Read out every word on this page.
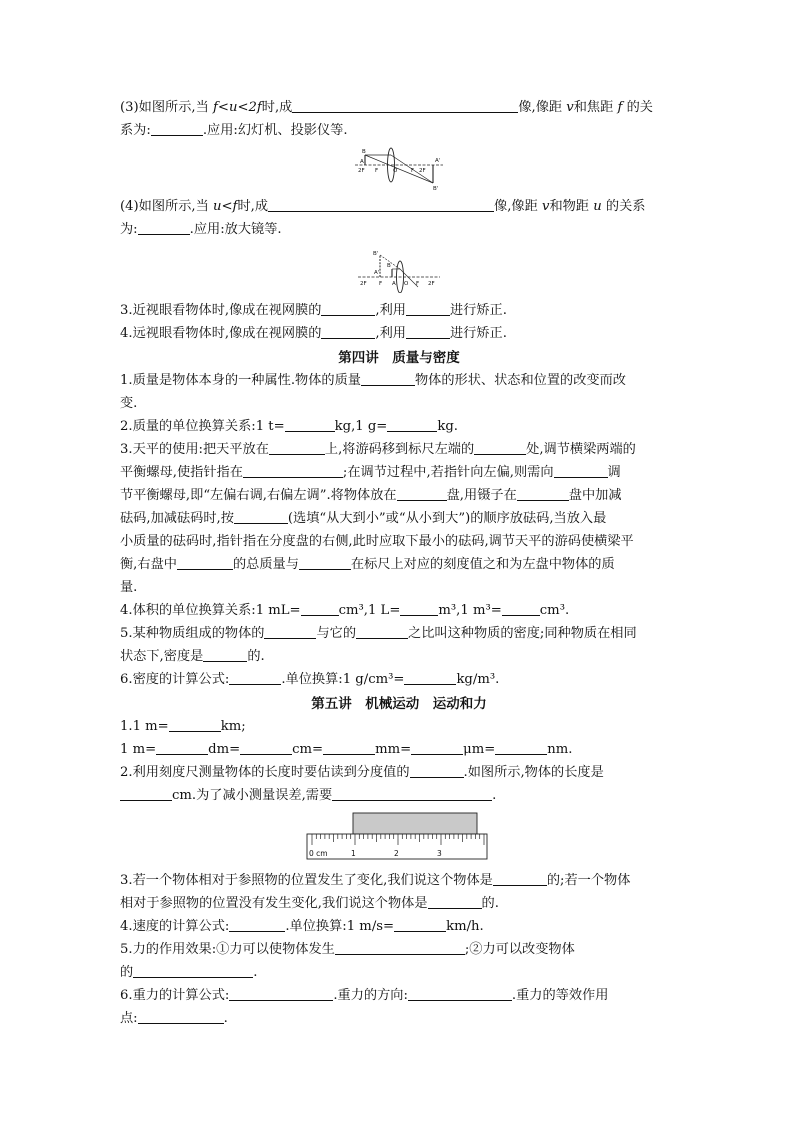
(3)如图所示,当 f<u<2f时,成	像,像距 v和焦距 f 的关

系为:	.应用:幻灯机、投影仪等.

B
A
2F F	O F 2F
A'
B'

(4)如图所示,当 u<f时,成	像,像距 v和物距 u 的关系

为:	.应用:放大镜等.

B'
B
A'
2F F A O F 2F

3.近视眼看物体时,像成在视网膜的	,利用	进行矫正.

4.远视眼看物体时,像成在视网膜的	,利用	进行矫正.

第四讲　质量与密度

1.质量是物体本身的一种属性.物体的质量	物体的形状、状态和位置的改变而改
变.

2.质量的单位换算关系:1 t=	kg,1 g=	kg.

3.天平的使用:把天平放在	上,将游码移到标尺左端的	处,调节横梁两端的
平衡螺母,使指针指在	;在调节过程中,若指针向左偏,则需向	调
节平衡螺母,即“左偏右调,右偏左调”.将物体放在	盘,用镊子在	盘中加减
砝码,加减砝码时,按	(选填“从大到小”或“从小到大”)的顺序放砝码,当放入最
小质量的砝码时,指针指在分度盘的右侧,此时应取下最小的砝码,调节天平的游码使横梁平
衡,右盘中	的总质量与	在标尺上对应的刻度值之和为左盘中物体的质
量.

4.体积的单位换算关系:1 mL=	cm³,1 L=	m³,1 m³=	cm³.

5.某种物质组成的物体的	与它的	之比叫这种物质的密度;同种物质在相同
状态下,密度是	的.

6.密度的计算公式:	.单位换算:1 g/cm³=	kg/m³.

第五讲　机械运动　运动和力

1.1 m=	km;

1 m=	dm=	cm=	mm=	μm=	nm.

2.利用刻度尺测量物体的长度时要估读到分度值的	.如图所示,物体的长度是
cm.为了减小测量误差,需要	.

0 cm	1	2	3

3.若一个物体相对于参照物的位置发生了变化,我们说这个物体是	的;若一个物体
相对于参照物的位置没有发生变化,我们说这个物体是	的.

4.速度的计算公式:	.单位换算:1 m/s=	km/h.

5.力的作用效果:①力可以使物体发生	;②力可以改变物体
的	.

6.重力的计算公式:	.重力的方向:	.重力的等效作用
点:	.
